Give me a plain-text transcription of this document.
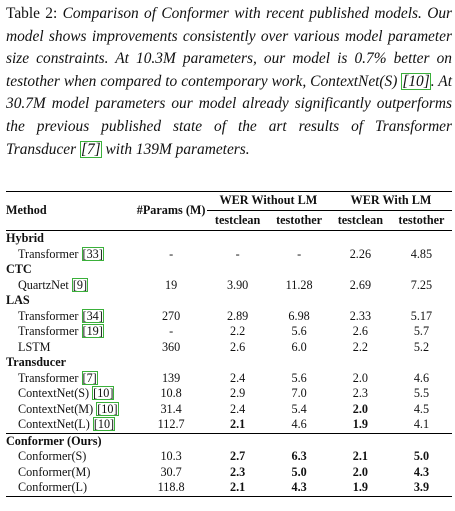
Table 2: Comparison of Conformer with recent published models. Our model shows improvements consistently over various model parameter size constraints. At 10.3M parameters, our model is 0.7% better on testother when compared to contemporary work, ContextNet(S) [10]. At 30.7M model parameters our model already significantly outperforms the previous published state of the art results of Transformer Transducer [7] with 139M parameters.
Method	#Params (M)	WER Without LM		WER With LM	
		testclean	testother	testclean	testother
Hybrid					
Transformer [33]	-	-	-	2.26	4.85
CTC					
QuartzNet [9]	19	3.90	11.28	2.69	7.25
LAS					
Transformer [34]	270	2.89	6.98	2.33	5.17
Transformer [19]	-	2.2	5.6	2.6	5.7
LSTM	360	2.6	6.0	2.2	5.2
Transducer					
Transformer [7]	139	2.4	5.6	2.0	4.6
ContextNet(S) [10]	10.8	2.9	7.0	2.3	5.5
ContextNet(M) [10]	31.4	2.4	5.4	2.0	4.5
ContextNet(L) [10]	112.7	2.1	4.6	1.9	4.1
Conformer (Ours)					
Conformer(S)	10.3	2.7	6.3	2.1	5.0
Conformer(M)	30.7	2.3	5.0	2.0	4.3
Conformer(L)	118.8	2.1	4.3	1.9	3.9
